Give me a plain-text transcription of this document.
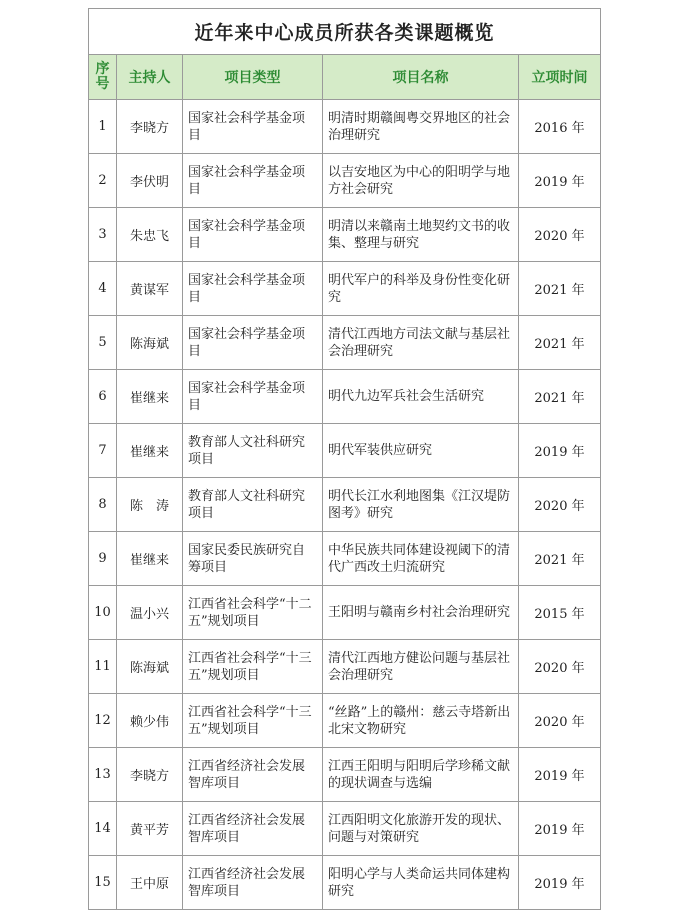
近年来中心成员所获各类课题概览				
序号	主持人	项目类型	项目名称	立项时间
1	李晓方	国家社会科学基金项目	明清时期赣闽粤交界地区的社会治理研究	2016 年
2	李伏明	国家社会科学基金项目	以吉安地区为中心的阳明学与地方社会研究	2019 年
3	朱忠飞	国家社会科学基金项目	明清以来赣南土地契约文书的收集、整理与研究	2020 年
4	黄谋军	国家社会科学基金项目	明代军户的科举及身份性变化研究	2021 年
5	陈海斌	国家社会科学基金项目	清代江西地方司法文献与基层社会治理研究	2021 年
6	崔继来	国家社会科学基金项目	明代九边军兵社会生活研究	2021 年
7	崔继来	教育部人文社科研究项目	明代军装供应研究	2019 年
8	陈　涛	教育部人文社科研究项目	明代长江水利地图集《江汉堤防图考》研究	2020 年
9	崔继来	国家民委民族研究自筹项目	中华民族共同体建设视阈下的清代广西改土归流研究	2021 年
10	温小兴	江西省社会科学“十二五”规划项目	王阳明与赣南乡村社会治理研究	2015 年
11	陈海斌	江西省社会科学“十三五”规划项目	清代江西地方健讼问题与基层社会治理研究	2020 年
12	赖少伟	江西省社会科学“十三五”规划项目	“丝路”上的赣州：慈云寺塔新出北宋文物研究	2020 年
13	李晓方	江西省经济社会发展智库项目	江西王阳明与阳明后学珍稀文献的现状调查与选编	2019 年
14	黄平芳	江西省经济社会发展智库项目	江西阳明文化旅游开发的现状、问题与对策研究	2019 年
15	王中原	江西省经济社会发展智库项目	阳明心学与人类命运共同体建构研究	2019 年
